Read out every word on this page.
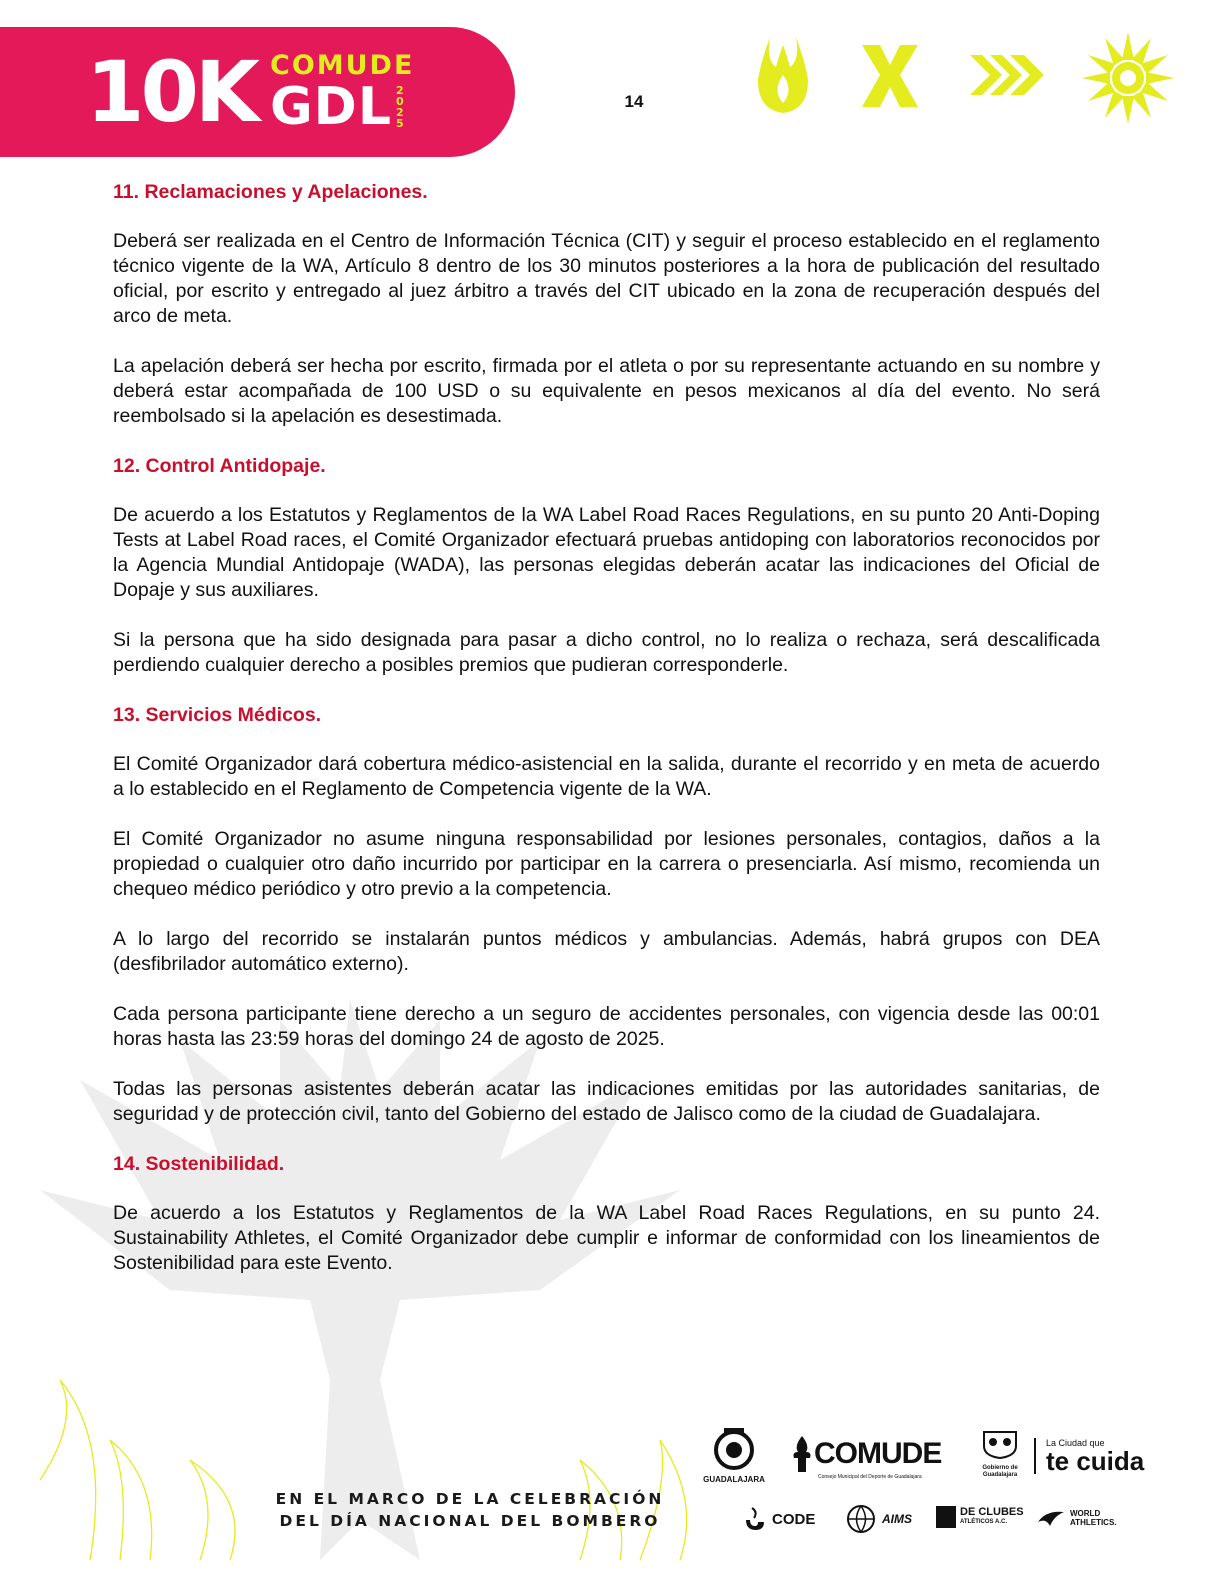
10K COMUDE
GDL 2
0
2
5
14
11. Reclamaciones y Apelaciones.

Deberá ser realizada en el Centro de Información Técnica (CIT) y seguir el proceso establecido en el reglamento técnico vigente de la WA, Artículo 8 dentro de los 30 minutos posteriores a la hora de publicación del resultado oficial, por escrito y entregado al juez árbitro a través del CIT ubicado en la zona de recuperación después del arco de meta.

La apelación deberá ser hecha por escrito, firmada por el atleta o por su representante actuando en su nombre y deberá estar acompañada de 100 USD o su equivalente en pesos mexicanos al día del evento. No será reembolsado si la apelación es desestimada.

12. Control Antidopaje.

De acuerdo a los Estatutos y Reglamentos de la WA Label Road Races Regulations, en su punto 20 Anti-Doping Tests at Label Road races, el Comité Organizador efectuará pruebas antidoping con laboratorios reconocidos por la Agencia Mundial Antidopaje (WADA), las personas elegidas deberán acatar las indicaciones del Oficial de Dopaje y sus auxiliares.

Si la persona que ha sido designada para pasar a dicho control, no lo realiza o rechaza, será descalificada perdiendo cualquier derecho a posibles premios que pudieran corresponderle.

13. Servicios Médicos.

El Comité Organizador dará cobertura médico-asistencial en la salida, durante el recorrido y en meta de acuerdo a lo establecido en el Reglamento de Competencia vigente de la WA.

El Comité Organizador no asume ninguna responsabilidad por lesiones personales, contagios, daños a la propiedad o cualquier otro daño incurrido por participar en la carrera o presenciarla. Así mismo, recomienda un chequeo médico periódico y otro previo a la competencia.

A lo largo del recorrido se instalarán puntos médicos y ambulancias. Además, habrá grupos con DEA (desfibrilador automático externo).

Cada persona participante tiene derecho a un seguro de accidentes personales, con vigencia desde las 00:01 horas hasta las 23:59 horas del domingo 24 de agosto de 2025.

Todas las personas asistentes deberán acatar las indicaciones emitidas por las autoridades sanitarias, de seguridad y de protección civil, tanto del Gobierno del estado de Jalisco como de la ciudad de Guadalajara.

14. Sostenibilidad.

De acuerdo a los Estatutos y Reglamentos de la WA Label Road Races Regulations, en su punto 24. Sustainability Athletes, el Comité Organizador debe cumplir e informar de conformidad con los lineamientos de Sostenibilidad para este Evento.

EN EL MARCO DE LA CELEBRACIÓN
DEL DÍA NACIONAL DEL BOMBERO
GUADALAJARA
COMUDE
Consejo Municipal del Deporte de Guadalajara
Gobierno de Guadalajara
La Ciudad que
te cuida
CODE	AIMS	DE CLUBES
ATLÉTICOS A.C.
WORLD
ATHLETICS.
